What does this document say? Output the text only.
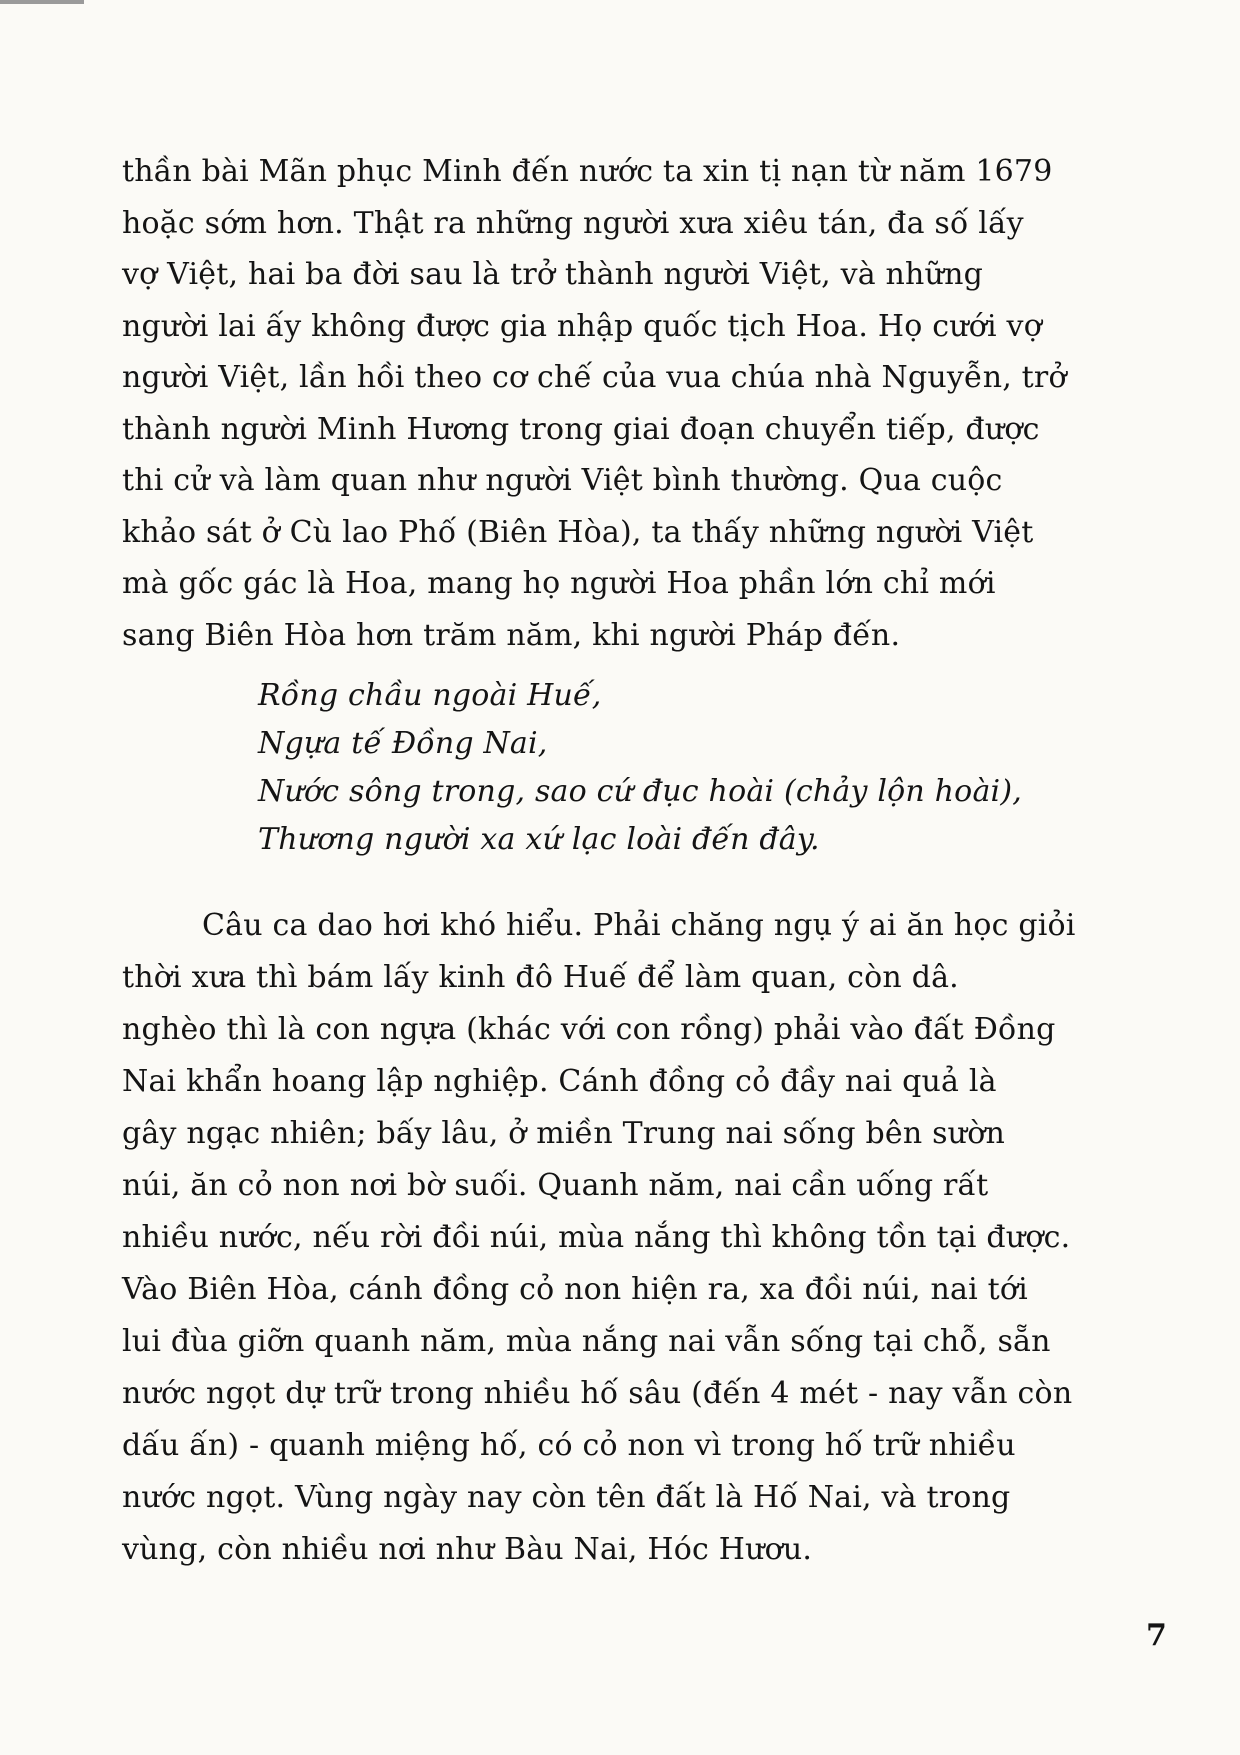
thần bài Mãn phục Minh đến nước ta xin tị nạn từ năm 1679
hoặc sớm hơn. Thật ra những người xưa xiêu tán, đa số lấy
vợ Việt, hai ba đời sau là trở thành người Việt, và những
người lai ấy không được gia nhập quốc tịch Hoa. Họ cưới vợ
người Việt, lần hồi theo cơ chế của vua chúa nhà Nguyễn, trở
thành người Minh Hương trong giai đoạn chuyển tiếp, được
thi cử và làm quan như người Việt bình thường. Qua cuộc
khảo sát ở Cù lao Phố (Biên Hòa), ta thấy những người Việt
mà gốc gác là Hoa, mang họ người Hoa phần lớn chỉ mới
sang Biên Hòa hơn trăm năm, khi người Pháp đến.
Rồng chầu ngoài Huế,
Ngựa tế Đồng Nai,
Nước sông trong, sao cứ đục hoài (chảy lộn hoài),
Thương người xa xứ lạc loài đến đây.
Câu ca dao hơi khó hiểu. Phải chăng ngụ ý ai ăn học giỏi
thời xưa thì bám lấy kinh đô Huế để làm quan, còn dâ.
nghèo thì là con ngựa (khác với con rồng) phải vào đất Đồng
Nai khẩn hoang lập nghiệp. Cánh đồng cỏ đầy nai quả là
gây ngạc nhiên; bấy lâu, ở miền Trung nai sống bên sườn
núi, ăn cỏ non nơi bờ suối. Quanh năm, nai cần uống rất
nhiều nước, nếu rời đồi núi, mùa nắng thì không tồn tại được.
Vào Biên Hòa, cánh đồng cỏ non hiện ra, xa đồi núi, nai tới
lui đùa giỡn quanh năm, mùa nắng nai vẫn sống tại chỗ, sẵn
nước ngọt dự trữ trong nhiều hố sâu (đến 4 mét - nay vẫn còn
dấu ấn) - quanh miệng hố, có cỏ non vì trong hố trữ nhiều
nước ngọt. Vùng ngày nay còn tên đất là Hố Nai, và trong
vùng, còn nhiều nơi như Bàu Nai, Hóc Hươu.
7
